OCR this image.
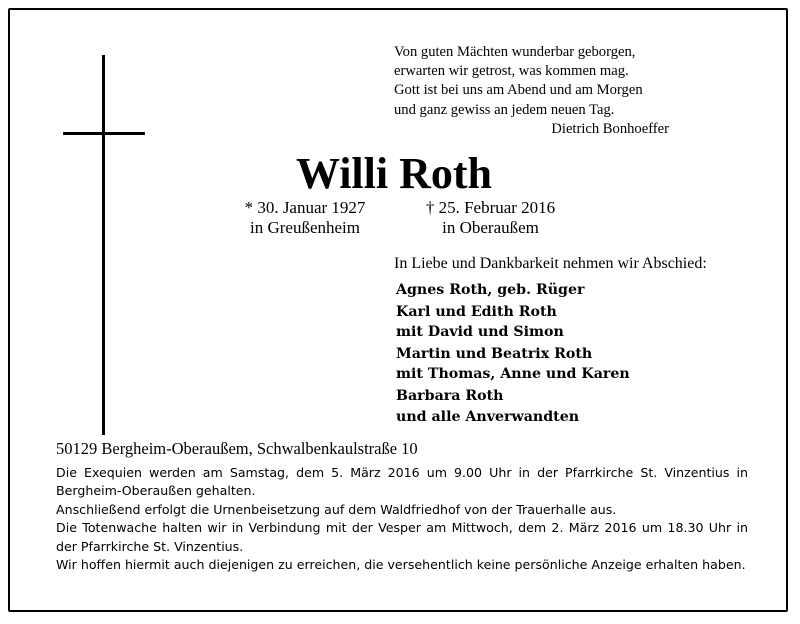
Von guten Mächten wunderbar geborgen,
erwarten wir getrost, was kommen mag.
Gott ist bei uns am Abend und am Morgen
und ganz gewiss an jedem neuen Tag.
Dietrich Bonhoeffer
Willi Roth
* 30. Januar 1927
in Greußenheim
† 25. Februar 2016
in Oberaußem
In Liebe und Dankbarkeit nehmen wir Abschied:
Agnes Roth, geb. Rüger
Karl und Edith Roth
mit David und Simon
Martin und Beatrix Roth
mit Thomas, Anne und Karen
Barbara Roth
und alle Anverwandten
50129 Bergheim-Oberaußem, Schwalbenkaulstraße 10

Die Exequien werden am Samstag, dem 5. März 2016 um 9.00 Uhr in der Pfarrkirche St. Vinzentius in Bergheim-Oberaußen gehalten.

Anschließend erfolgt die Urnenbeisetzung auf dem Waldfriedhof von der Trauerhalle aus.

Die Totenwache halten wir in Verbindung mit der Vesper am Mittwoch, dem 2. März 2016 um 18.30 Uhr in der Pfarrkirche St. Vinzentius.

Wir hoffen hiermit auch diejenigen zu erreichen, die versehentlich keine persönliche Anzeige erhalten haben.
